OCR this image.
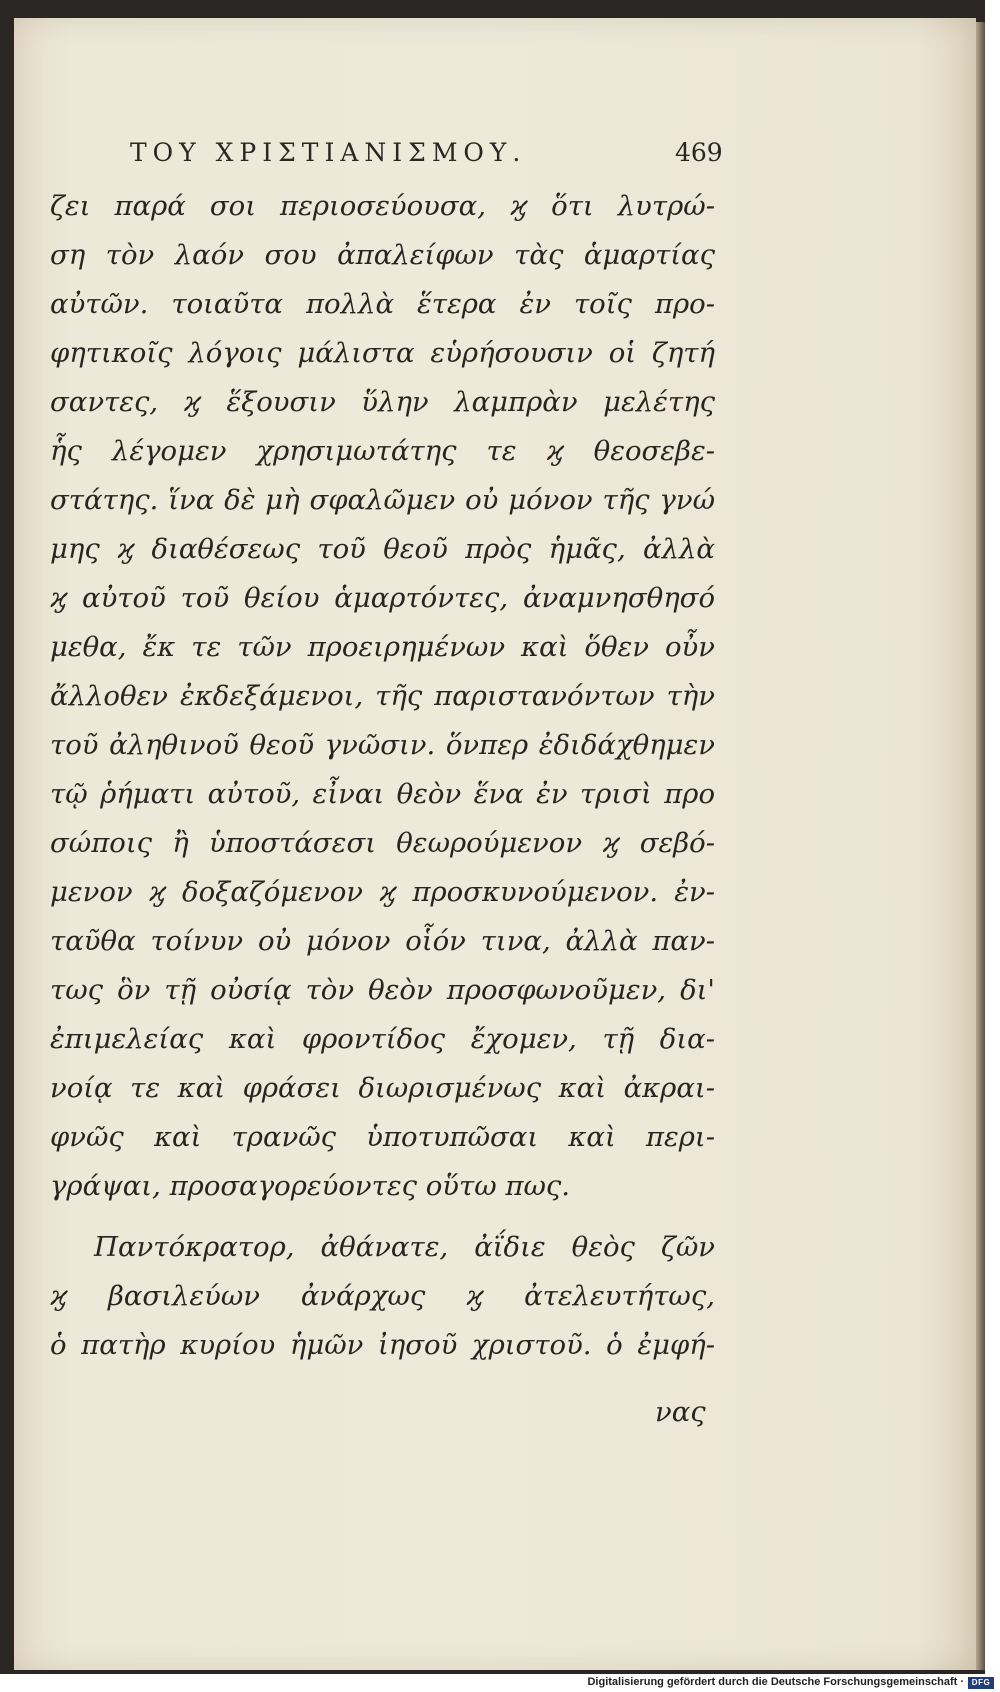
ΤΟΥ ΧΡΙΣΤΙΑΝΙΣΜΟΥ.	469
ζει παρά σοι περιοσεύουσα, ϗ ὅτι λυτρώ-
ση τὸν λαόν σου ἀπαλείφων τὰς ἁμαρτίας
αὐτῶν. τοιαῦτα πολλὰ ἕτερα ἐν τοῖς προ-
φητικοῖς λόγοις μάλιστα εὑρήσουσιν οἱ ζητή
σαντες, ϗ ἕξουσιν ὕλην λαμπρὰν μελέτης
ἧς λέγομεν χρησιμωτάτης τε ϗ θεοσεβε-
στάτης. ἵνα δὲ μὴ σφαλῶμεν οὐ μόνον τῆς γνώ
μης ϗ διαθέσεως τοῦ θεοῦ πρὸς ἡμᾶς, ἀλλὰ
ϗ αὐτοῦ τοῦ θείου ἁμαρτόντες, ἀναμνησθησό
μεθα, ἔκ τε τῶν προειρημένων καὶ ὅθεν οὖν
ἄλλοθεν ἐκδεξάμενοι, τῆς παριστανόντων τὴν
τοῦ ἀληθινοῦ θεοῦ γνῶσιν. ὅνπερ ἐδιδάχθημεν
τῷ ῥήματι αὐτοῦ, εἶναι θεὸν ἕνα ἐν τρισὶ προ
σώποις ἢ ὑποστάσεσι θεωρούμενον ϗ σεβό-
μενον ϗ δοξαζόμενον ϗ προσκυνούμενον. ἐν-
ταῦθα τοίνυν οὐ μόνον οἷόν τινα, ἀλλὰ παν-
τως ὃν τῇ οὐσίᾳ τὸν θεὸν προσφωνοῦμεν, δι'
ἐπιμελείας καὶ φροντίδος ἔχομεν, τῇ δια-
νοίᾳ τε καὶ φράσει διωρισμένως καὶ ἀκραι-
φνῶς καὶ τρανῶς ὑποτυπῶσαι καὶ περι-
γράψαι, προσαγορεύοντες οὕτω πως.
Παντόκρατορ, ἀθάνατε, ἀΐδιε θεὸς ζῶν
ϗ βασιλεύων ἀνάρχως ϗ ἀτελευτήτως,
ὁ πατὴρ κυρίου ἡμῶν ἰησοῦ χριστοῦ. ὁ ἐμφή-
νας
Digitalisierung gefördert durch die Deutsche Forschungsgemeinschaft · DFG
